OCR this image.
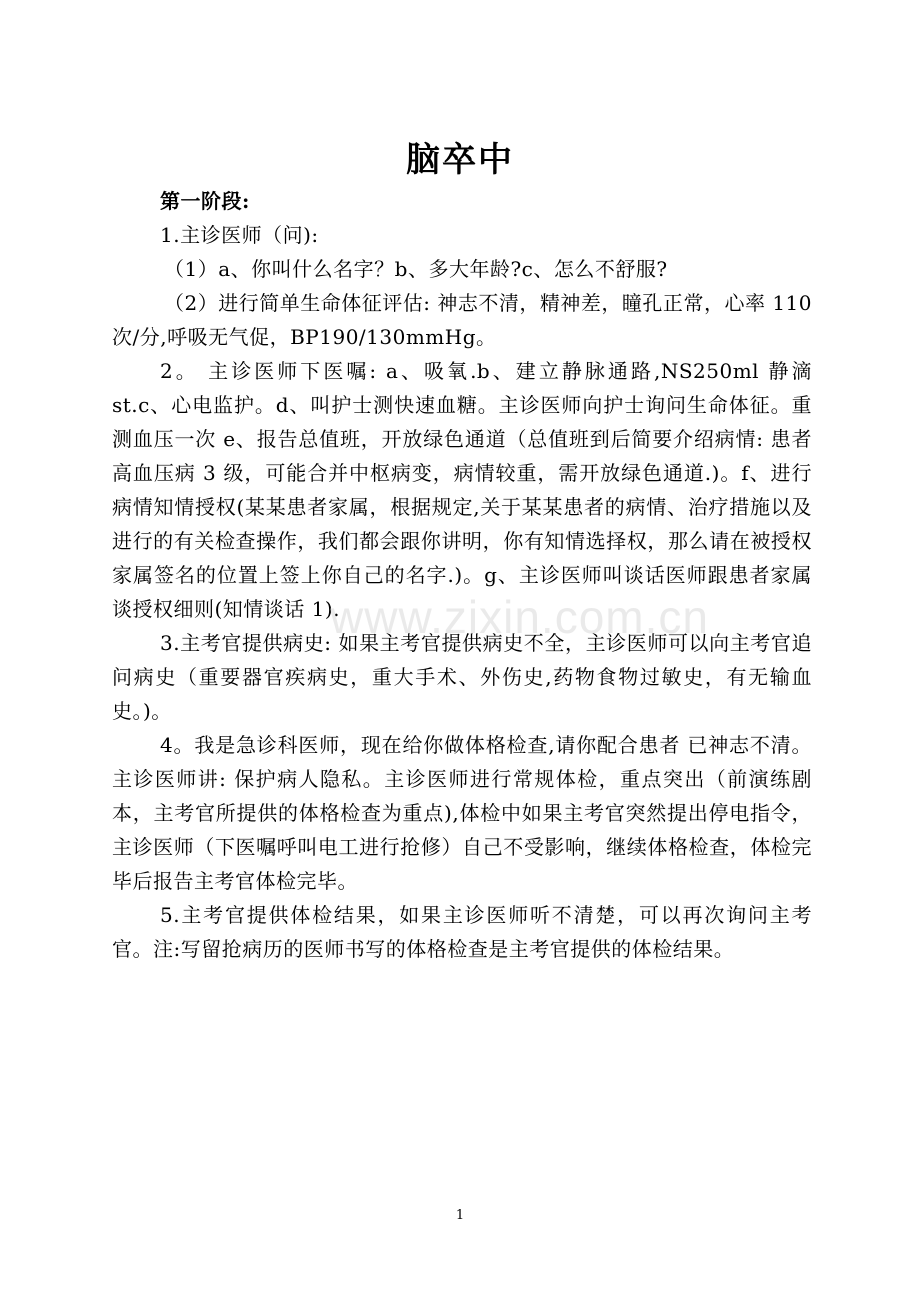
脑卒中

第一阶段:

1.主诊医师（问):

（1）a、你叫什么名字？b、多大年龄?c、怎么不舒服?

（2）进行简单生命体征评估: 神志不清，精神差，瞳孔正常，心率 110 次/分,呼吸无气促，BP190/130mmHg。

2。 主诊医师下医嘱: a、吸氧.b、建立静脉通路,NS250ml 静滴 st.c、心电监护。d、叫护士测快速血糖。主诊医师向护士询问生命体征。重测血压一次 e、报告总值班，开放绿色通道（总值班到后简要介绍病情: 患者高血压病 3 级，可能合并中枢病变，病情较重，需开放绿色通道.)。f、进行病情知情授权(某某患者家属，根据规定,关于某某患者的病情、治疗措施以及进行的有关检查操作，我们都会跟你讲明，你有知情选择权，那么请在被授权家属签名的位置上签上你自己的名字.)。g、主诊医师叫谈话医师跟患者家属谈授权细则(知情谈话 1).

3.主考官提供病史: 如果主考官提供病史不全，主诊医师可以向主考官追问病史（重要器官疾病史，重大手术、外伤史,药物食物过敏史，有无输血史。)。

4。我是急诊科医师，现在给你做体格检查,请你配合患者 已神志不清。主诊医师讲: 保护病人隐私。主诊医师进行常规体检，重点突出（前演练剧本，主考官所提供的体格检查为重点),体检中如果主考官突然提出停电指令，主诊医师（下医嘱呼叫电工进行抢修）自己不受影响，继续体格检查，体检完毕后报告主考官体检完毕。

5.主考官提供体检结果，如果主诊医师听不清楚，可以再次询问主考官。注:写留抢病历的医师书写的体格检查是主考官提供的体检结果。

www.zixin.com.cn
1
